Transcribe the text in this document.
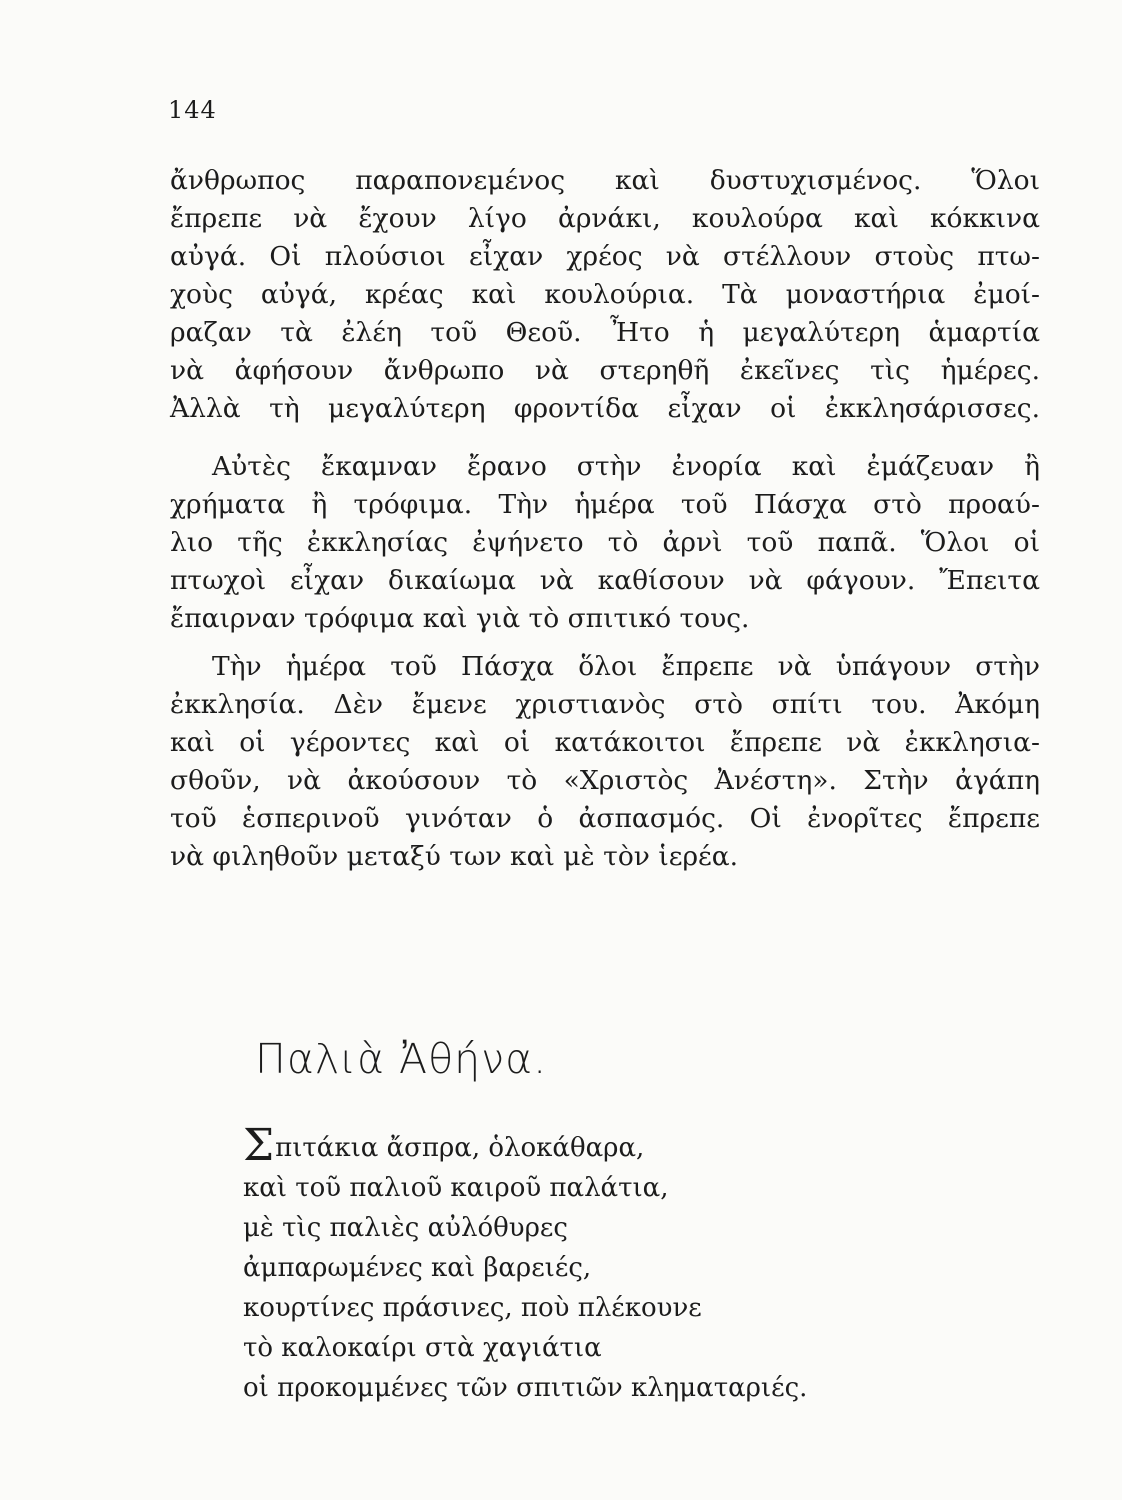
144
ἄνθρωπος παραπονεμένος καὶ δυστυχισμένος. Ὅλοι
ἔπρεπε νὰ ἔχουν λίγο ἀρνάκι, κουλούρα καὶ κόκκινα
αὐγά. Οἱ πλούσιοι εἶχαν χρέος νὰ στέλλουν στοὺς πτω-
χοὺς αὐγά, κρέας καὶ κουλούρια. Τὰ μοναστήρια ἐμοί-
ραζαν τὰ ἐλέη τοῦ Θεοῦ. Ἦτο ἡ μεγαλύτερη ἁμαρτία
νὰ ἀφήσουν ἄνθρωπο νὰ στερηθῆ ἐκεῖνες τὶς ἡμέρες.
Ἀλλὰ τὴ μεγαλύτερη φροντίδα εἶχαν οἱ ἐκκλησάρισσες.
Αὐτὲς ἔκαμναν ἔρανο στὴν ἐνορία καὶ ἐμάζευαν ἢ
χρήματα ἢ τρόφιμα. Τὴν ἡμέρα τοῦ Πάσχα στὸ προαύ-
λιο τῆς ἐκκλησίας ἐψήνετο τὸ ἀρνὶ τοῦ παπᾶ. Ὅλοι οἱ
πτωχοὶ εἶχαν δικαίωμα νὰ καθίσουν νὰ φάγουν. Ἔπειτα
ἔπαιρναν τρόφιμα καὶ γιὰ τὸ σπιτικό τους.
Τὴν ἡμέρα τοῦ Πάσχα ὅλοι ἔπρεπε νὰ ὑπάγουν στὴν
ἐκκλησία. Δὲν ἔμενε χριστιανὸς στὸ σπίτι του. Ἀκόμη
καὶ οἱ γέροντες καὶ οἱ κατάκοιτοι ἔπρεπε νὰ ἐκκλησια-
σθοῦν, νὰ ἀκούσουν τὸ «Χριστὸς Ἀνέστη». Στὴν ἀγάπη
τοῦ ἑσπερινοῦ γινόταν ὁ ἀσπασμός. Οἱ ἐνορῖτες ἔπρεπε
νὰ φιληθοῦν μεταξύ των καὶ μὲ τὸν ἱερέα.
Παλιὰ Ἀθήνα.
Σπιτάκια ἄσπρα, ὁλοκάθαρα,
καὶ τοῦ παλιοῦ καιροῦ παλάτια,
μὲ τὶς παλιὲς αὐλόθυρες
ἀμπαρωμένες καὶ βαρειές,
κουρτίνες πράσινες, ποὺ πλέκουνε
τὸ καλοκαίρι στὰ χαγιάτια
οἱ προκομμένες τῶν σπιτιῶν κληματαριές.
